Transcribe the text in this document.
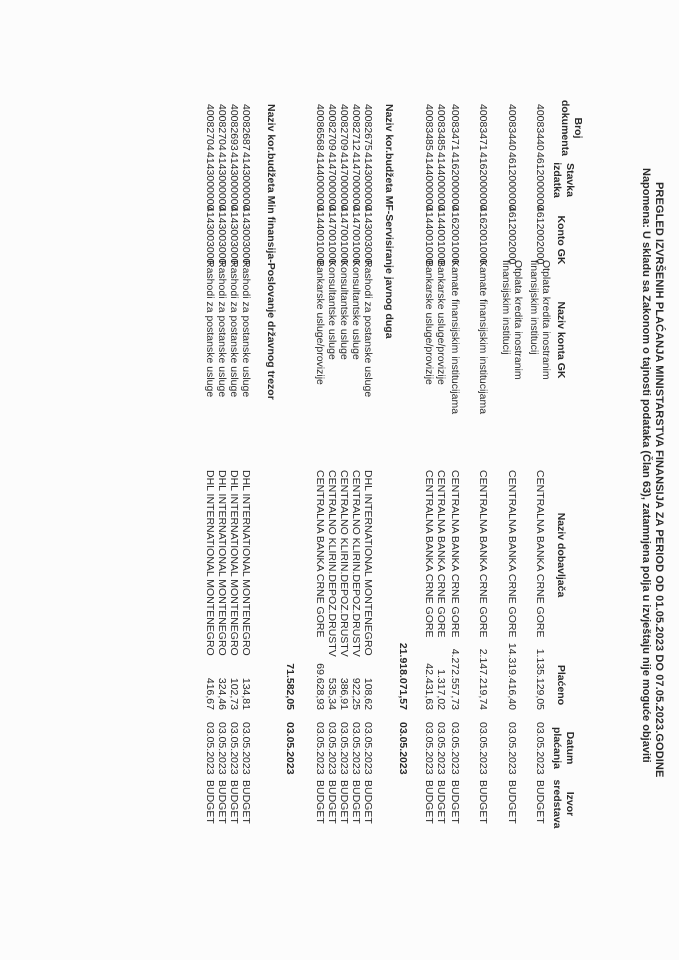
PREGLED IZVRŠENIH PLAĆANJA MINISTARSTVA FINANSIJA ZA PERIOD OD 01.05.2023 DO 07.05.2023.GODINE
Napomena: U skladu sa Zakonom o tajnosti podataka (Član 63), zatamnjena polja u izvještaju nije moguće objaviti
Broj
dokumenta
Stavka
izdatka
Konto GK
Naziv konta GK
Naziv dobavljača
Plaćeno
Datum
plaćanja
Izvor
sredstava
40083440
4612000000
4612002000
Otplata kredita inostranim finansijskim institucij
CENTRALNA BANKA CRNE GORE
1.135.129,05
03.05.2023
BUDGET
40083440
4612000000
4612002000
Otplata kredita inostranim finansijskim institucij
CENTRALNA BANKA CRNE GORE
14.319.416,40
03.05.2023
BUDGET
40083471
4162000000
4162001000
Kamate finansijskim institucijama
CENTRALNA BANKA CRNE GORE
2.147.219,74
03.05.2023
BUDGET
40083471
4162000000
4162001000
Kamate finansijskim institucijama
CENTRALNA BANKA CRNE GORE
4.272.557,73
03.05.2023
BUDGET
40083485
4144000000
4144001000
Bankarske usluge/provizije
CENTRALNA BANKA CRNE GORE
1.317,02
03.05.2023
BUDGET
40083485
4144000000
4144001000
Bankarske usluge/provizije
CENTRALNA BANKA CRNE GORE
42.431,63
03.05.2023
BUDGET
21.918.071,57
03.05.2023
Naziv kor.budžeta MF-Servisiranje javnog duga
40082675
4143000000
4143003000
Rashodi za postanske usluge
DHL INTERNATIONAL MONTENEGRO
108,62
03.05.2023
BUDGET
40082712
4147000000
4147001000
Konsultantske usluge
CENTRALNO KLIRIN.DEPOZ.DRUSTV
922,25
03.05.2023
BUDGET
40082709
4147000000
4147001000
Konsultantske usluge
CENTRALNO KLIRIN.DEPOZ.DRUSTV
386,91
03.05.2023
BUDGET
40082709
4147000000
4147001000
Konsultantske usluge
CENTRALNO KLIRIN.DEPOZ.DRUSTV
535,34
03.05.2023
BUDGET
40086568
4144000000
4144001000
Bankarske usluge/provizije
CENTRALNA BANKA CRNE GORE
69.628,93
03.05.2023
BUDGET
71.582,05
03.05.2023
Naziv kor.budžeta Min finansija-Poslovanje državnog trezor
40082687
4143000000
4143003000
Rashodi za postanske usluge
DHL INTERNATIONAL MONTENEGRO
134,81
03.05.2023
BUDGET
40082693
4143000000
4143003000
Rashodi za postanske usluge
DHL INTERNATIONAL MONTENEGRO
102,73
03.05.2023
BUDGET
40082704
4143000000
4143003000
Rashodi za postanske usluge
DHL INTERNATIONAL MONTENEGRO
324,46
03.05.2023
BUDGET
40082704
4143000000
4143003000
Rashodi za postanske usluge
DHL INTERNATIONAL MONTENEGRO
416,67
03.05.2023
BUDGET
